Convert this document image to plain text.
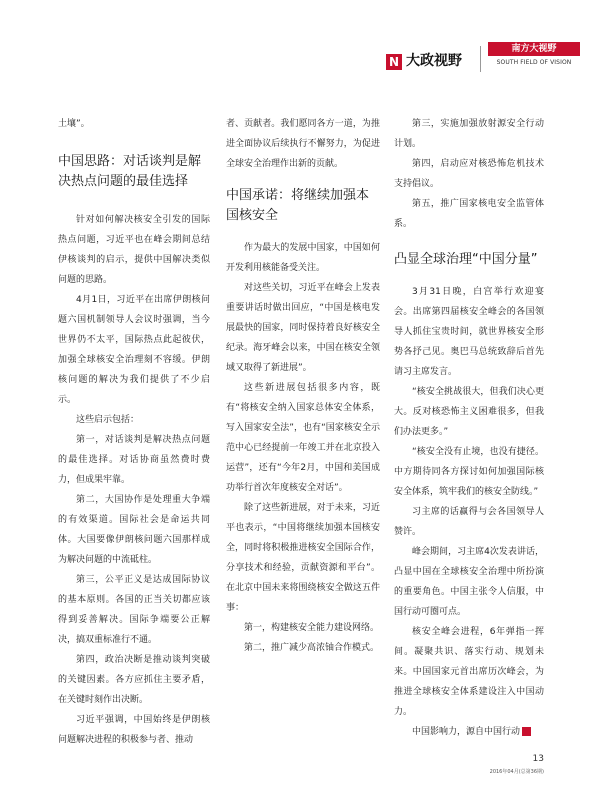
N 大政视野
南方大视野
SOUTH FIELD OF VISION

土壤”。

中国思路：对话谈判是解决热点问题的最佳选择

针对如何解决核安全引发的国际热点问题，习近平也在峰会期间总结伊核谈判的启示，提供中国解决类似问题的思路。

4月1日，习近平在出席伊朗核问题六国机制领导人会议时强调，当今世界仍不太平，国际热点此起彼伏，加强全球核安全治理刻不容缓。伊朗核问题的解决为我们提供了不少启示。

这些启示包括：

第一，对话谈判是解决热点问题的最佳选择。对话协商虽然费时费力，但成果牢靠。

第二，大国协作是处理重大争端的有效渠道。国际社会是命运共同体。大国要像伊朗核问题六国那样成为解决问题的中流砥柱。

第三，公平正义是达成国际协议的基本原则。各国的正当关切都应该得到妥善解决。国际争端要公正解决，搞双重标准行不通。

第四，政治决断是推动谈判突破的关键因素。各方应抓住主要矛盾，在关键时刻作出决断。

习近平强调，中国始终是伊朗核问题解决进程的积极参与者、推动

者、贡献者。我们愿同各方一道，为推进全面协议后续执行不懈努力，为促进全球安全治理作出新的贡献。

中国承诺：将继续加强本国核安全

作为最大的发展中国家，中国如何开发利用核能备受关注。

对这些关切，习近平在峰会上发表重要讲话时做出回应，“中国是核电发展最快的国家，同时保持着良好核安全纪录。海牙峰会以来，中国在核安全领域又取得了新进展”。

这些新进展包括很多内容，既有“将核安全纳入国家总体安全体系，写入国家安全法”，也有“国家核安全示范中心已经提前一年竣工并在北京投入运营”，还有“今年2月，中国和美国成功举行首次年度核安全对话”。

除了这些新进展，对于未来，习近平也表示，“中国将继续加强本国核安全，同时将积极推进核安全国际合作，分享技术和经验，贡献资源和平台”。在北京中国未来将围绕核安全做这五件事：

第一，构建核安全能力建设网络。

第二，推广减少高浓铀合作模式。

第三，实施加强放射源安全行动计划。

第四，启动应对核恐怖危机技术支持倡议。

第五，推广国家核电安全监管体系。

凸显全球治理“中国分量”

3月31日晚，白宫举行欢迎宴会。出席第四届核安全峰会的各国领导人抓住宝贵时间，就世界核安全形势各抒己见。奥巴马总统致辞后首先请习主席发言。

“核安全挑战很大，但我们决心更大。反对核恐怖主义困难很多，但我们办法更多。”

“核安全没有止境，也没有捷径。中方期待同各方探讨如何加强国际核安全体系，筑牢我们的核安全防线。”

习主席的话赢得与会各国领导人赞许。

峰会期间，习主席4次发表讲话，凸显中国在全球核安全治理中所扮演的重要角色。中国主张令人信服，中国行动可圈可点。

核安全峰会进程，6年弹指一挥间。凝聚共识、落实行动、规划未来。中国国家元首出席历次峰会，为推进全球核安全体系建设注入中国动力。

中国影响力，源自中国行动	N

13
2016年04月(总第36期)
